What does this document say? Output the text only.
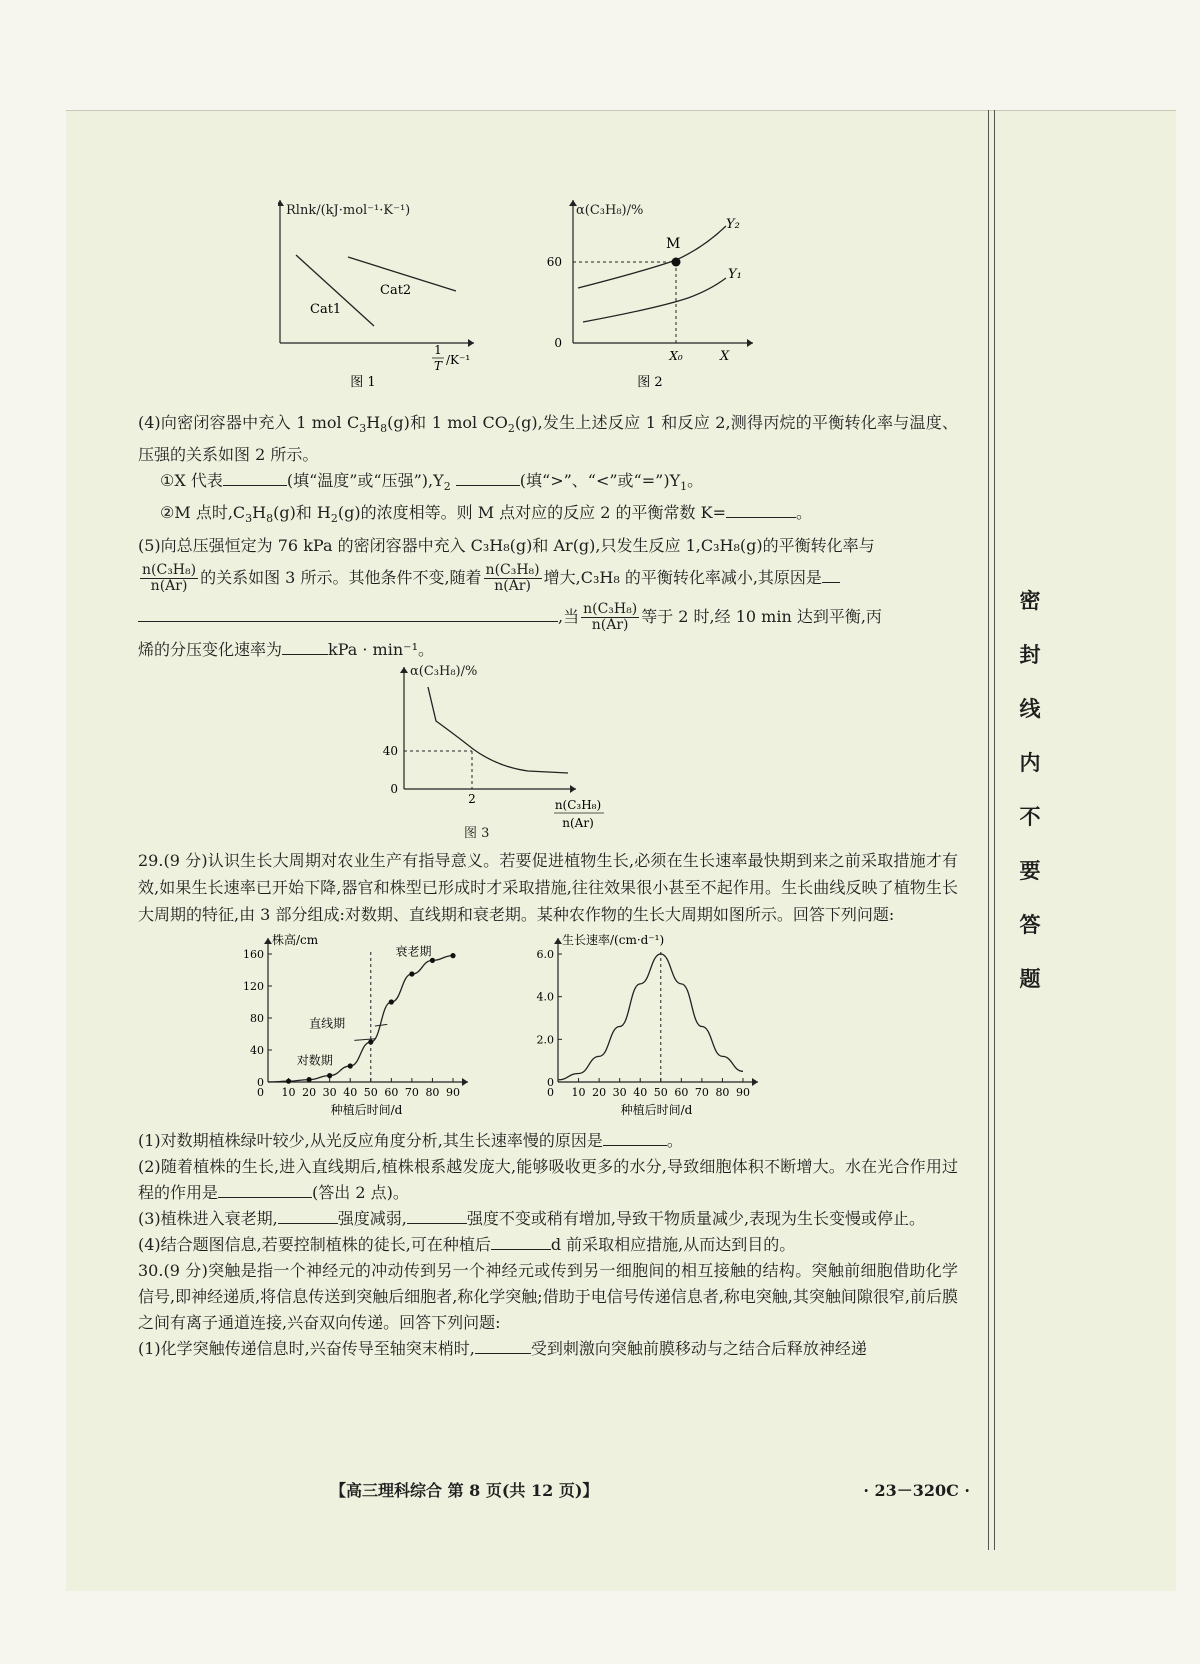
密
封
线
内
不
要
答
题
Cat1
Cat2
1
T /K⁻¹
图 1
Rlnk/(kJ·mol⁻¹·K⁻¹)
M
60
0
X₀	X
Y₂
Y₁
图 2
α(C₃H₈)/%

(4)向密闭容器中充入 1 mol $C_3H_8(g)$和 1 mol $CO_2(g)$,发生上述反应 1 和反应 2,测得丙烷的平衡转化率与温度、压强的关系如图 2 所示。

①X 代表	(填“温度”或“压强$”),Y_2$	(填“>”、“<”或“$=”)Y_1$。

②M 点时$,C_3H_8(g)$和 $H_2(g)$的浓度相等。则 M 点对应的反应 2 的平衡常数 K=	。

(5)向总压强恒定为 76 kPa 的密闭容器中充入 C₃H₈(g)和 Ar(g),只发生反应 1,C₃H₈(g)的平衡转化率与

$\frac{\text{n(C₃H₈)}}{n(Ar)}$ 的关系如图 3 所示。其他条件不变,随着 $\frac{\text{n(C₃H₈)}}{n(Ar)}$ 增大,C₃H₈ 的平衡转化率减小,其原因是

,当 $\frac{\text{n(C₃H₈)}}{n(Ar)}$ 等于 2 时,经 10 min 达到平衡,丙

烯的分压变化速率为	kPa · min⁻¹。

40
0
2	n(C₃H₈)
n(Ar)
α(C₃H₈)/%
图 3

29.(9 分)认识生长大周期对农业生产有指导意义。若要促进植物生长,必须在生长速率最快期到来之前采取措施才有效,如果生长速率已开始下降,器官和株型已形成时才采取措施,往往效果很小甚至不起作用。生长曲线反映了植物生长大周期的特征,由 3 部分组成:对数期、直线期和衰老期。某种农作物的生长大周期如图所示。回答下列问题:

株高/cm
种植后时间/d
0
40
80
120
160
10 20 30 40 50 60 70 80 90
对数期
直线期
衰老期
0
生长速率/(cm·d⁻¹)
种植后时间/d
0
2.0
4.0
6.0
10 20 30 40 50 60 70 80 90
0

(1)对数期植株绿叶较少,从光反应角度分析,其生长速率慢的原因是	。

(2)随着植株的生长,进入直线期后,植株根系越发庞大,能够吸收更多的水分,导致细胞体积不断增大。水在光合作用过程的作用是	(答出 2 点)。

(3)植株进入衰老期,	强度减弱,	强度不变或稍有增加,导致干物质量减少,表现为生长变慢或停止。

(4)结合题图信息,若要控制植株的徒长,可在种植后	d 前采取相应措施,从而达到目的。

30.(9 分)突触是指一个神经元的冲动传到另一个神经元或传到另一细胞间的相互接触的结构。突触前细胞借助化学信号,即神经递质,将信息传送到突触后细胞者,称化学突触;借助于电信号传递信息者,称电突触,其突触间隙很窄,前后膜之间有离子通道连接,兴奋双向传递。回答下列问题:

(1)化学突触传递信息时,兴奋传导至轴突末梢时,	受到刺激向突触前膜移动与之结合后释放神经递

【高三理科综合 第 8 页(共 12 页)】	· 23－320C ·
